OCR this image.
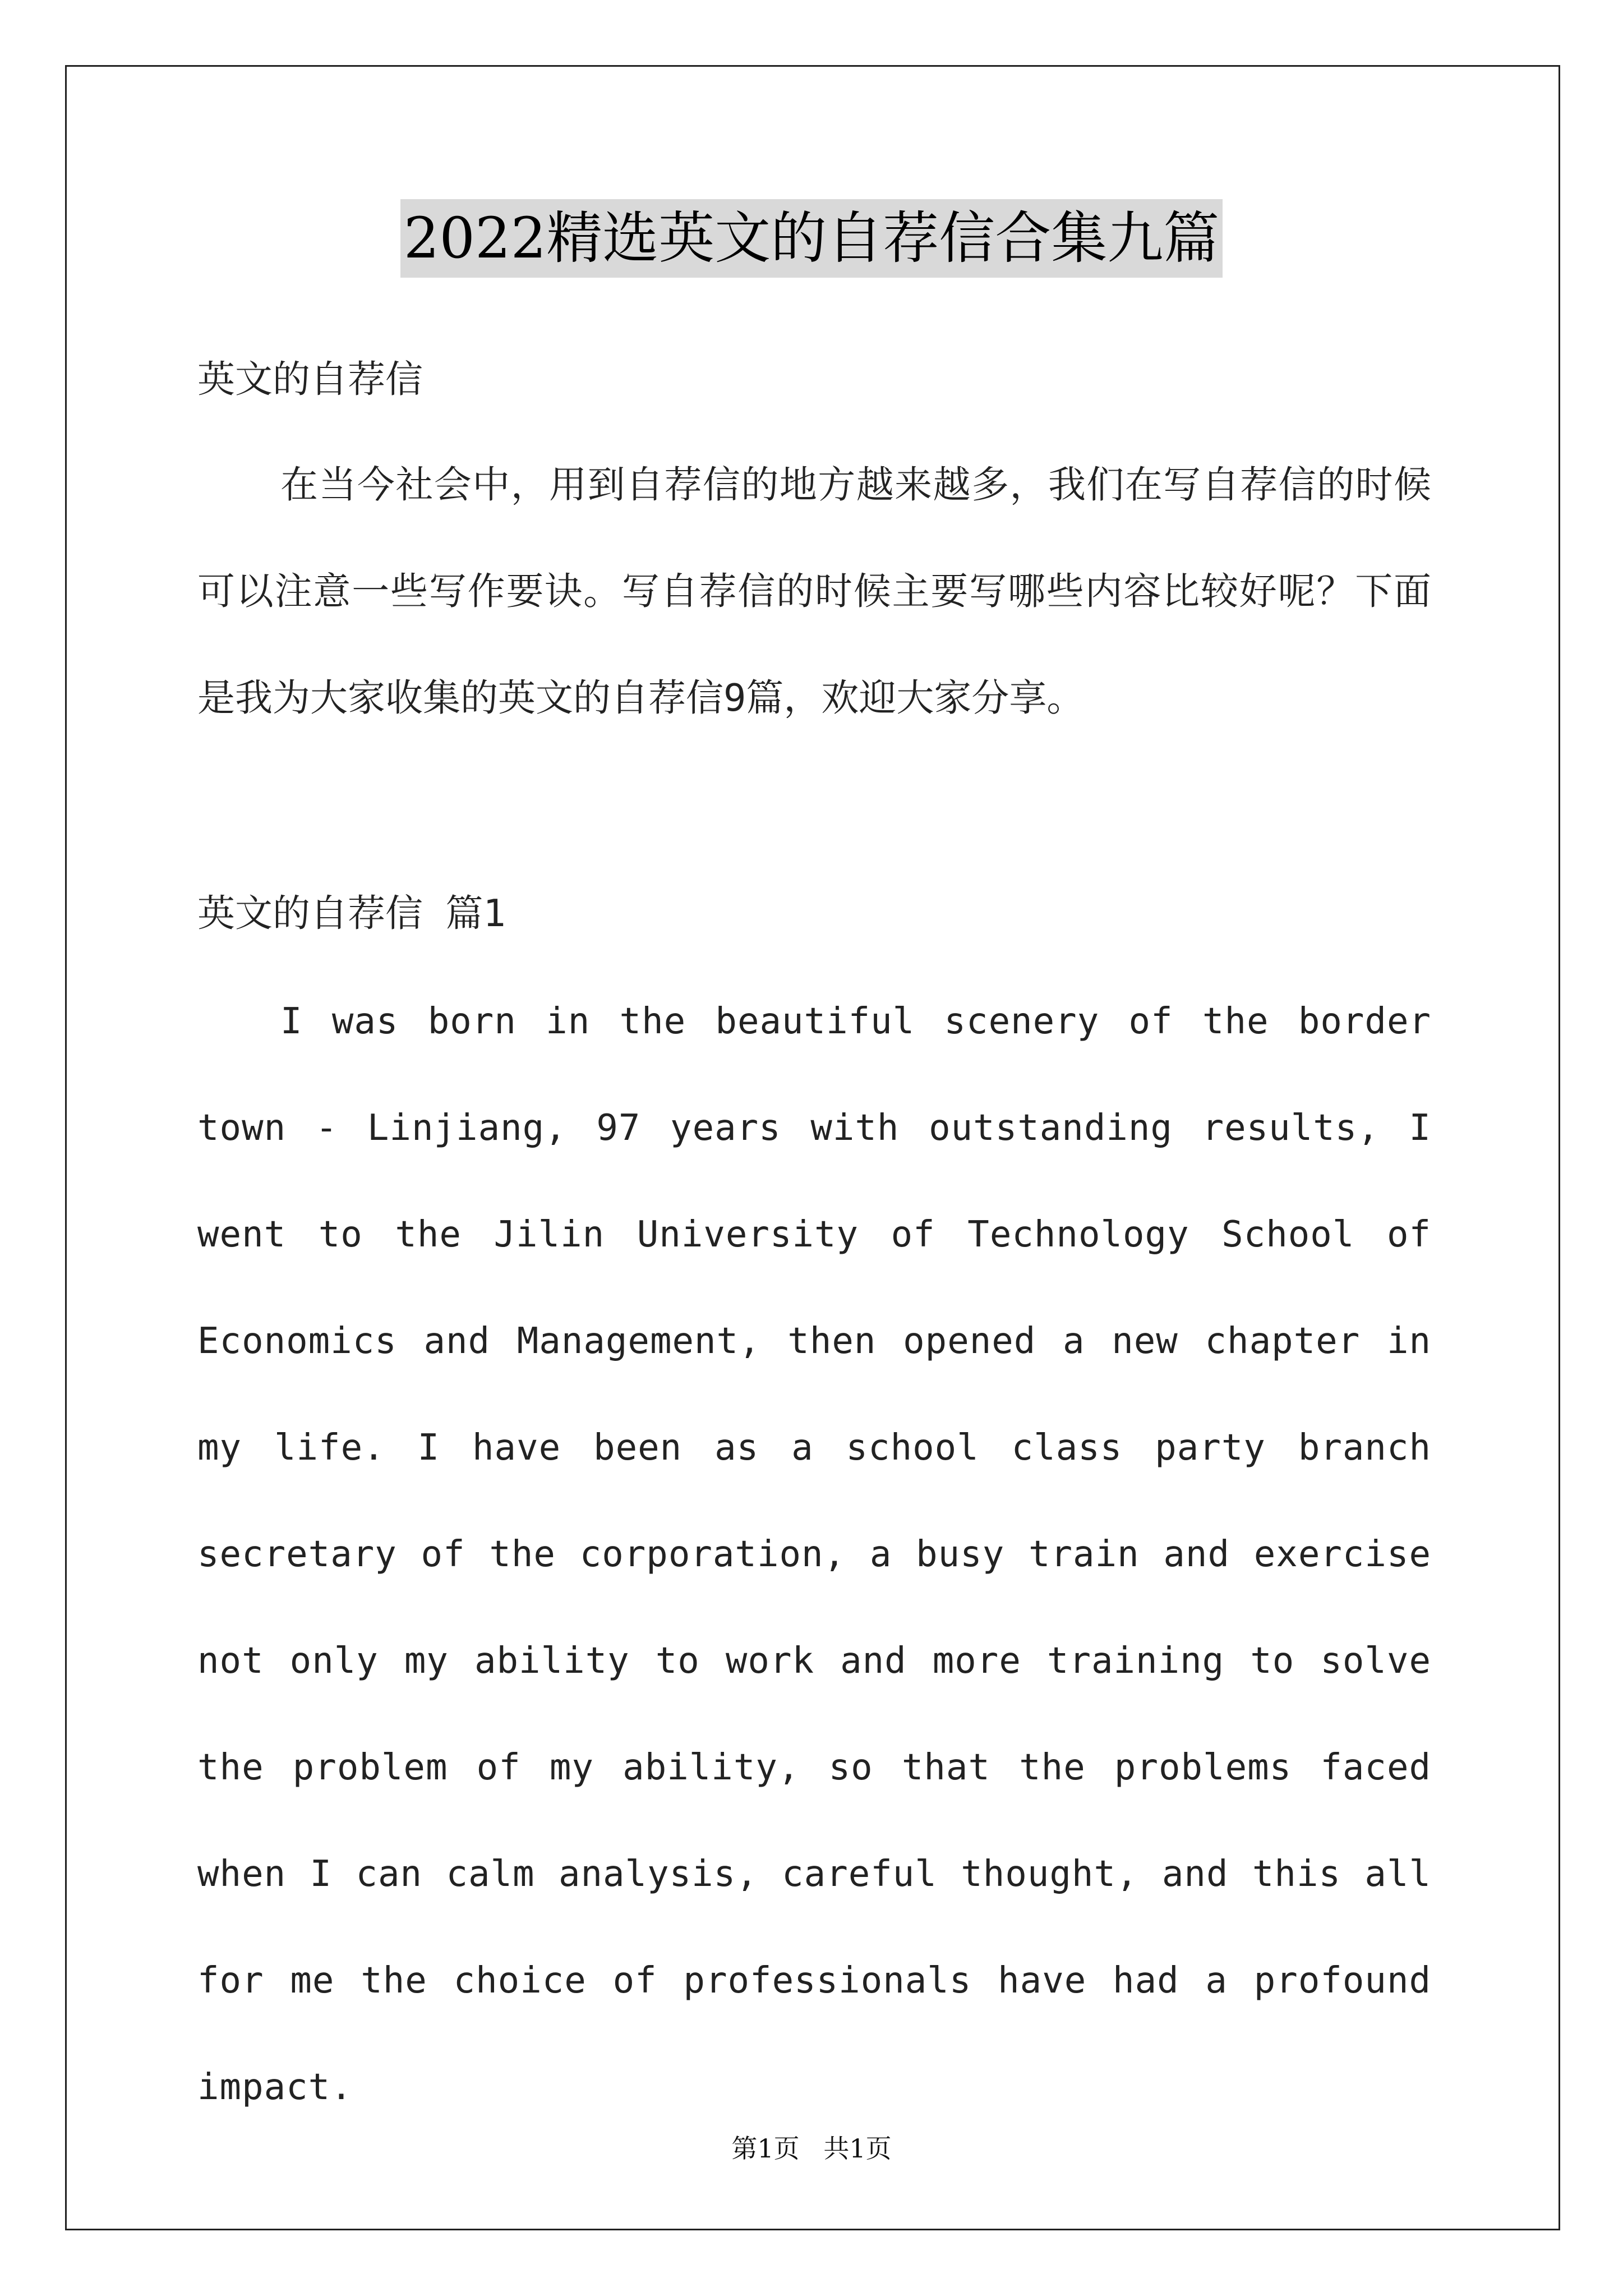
2022精选英文的自荐信合集九篇

英文的自荐信

在当今社会中，用到自荐信的地方越来越多，我们在写自荐信的时候可以注意一些写作要诀。写自荐信的时候主要写哪些内容比较好呢？下面是我为大家收集的英文的自荐信9篇，欢迎大家分享。

英文的自荐信 篇1

I was born in the beautiful scenery of the border town - Linjiang, 97 years with outstanding results, I went to the Jilin University of Technology School of Economics and Management, then opened a new chapter in my life. I have been as a school class party branch secretary of the corporation, a busy train and exercise not only my ability to work and more training to solve the problem of my ability, so that the problems faced when I can calm analysis, careful thought, and this all for me the choice of professionals have had a profound impact.

第1页 共1页
